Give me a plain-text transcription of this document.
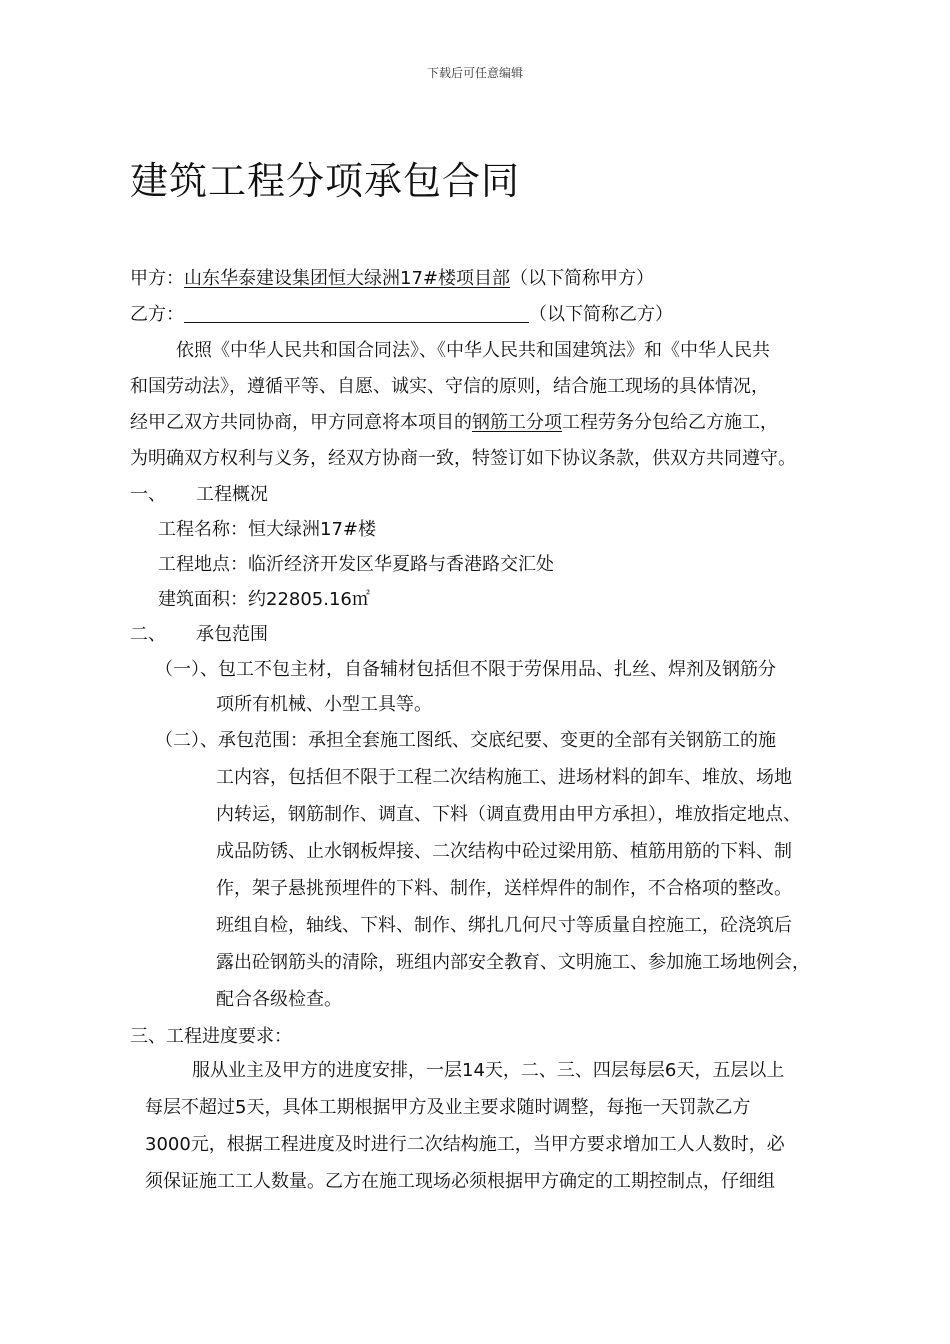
下载后可任意编辑
建筑工程分项承包合同
甲方：山东华泰建设集团恒大绿洲17#楼项目部（以下简称甲方）
乙方：	（以下简称乙方）
依照《中华人民共和国合同法》、《中华人民共和国建筑法》和《中华人民共
和国劳动法》，遵循平等、自愿、诚实、守信的原则，结合施工现场的具体情况，
经甲乙双方共同协商，甲方同意将本项目的钢筋工分项工程劳务分包给乙方施工，
为明确双方权利与义务，经双方协商一致，特签订如下协议条款，供双方共同遵守。
一、 工程概况
工程名称：恒大绿洲17#楼
工程地点：临沂经济开发区华夏路与香港路交汇处
建筑面积：约22805.16㎡
二、 承包范围
（一）、包工不包主材，自备辅材包括但不限于劳保用品、扎丝、焊剂及钢筋分
项所有机械、小型工具等。
（二）、承包范围：承担全套施工图纸、交底纪要、变更的全部有关钢筋工的施
工内容，包括但不限于工程二次结构施工、进场材料的卸车、堆放、场地
内转运，钢筋制作、调直、下料（调直费用由甲方承担），堆放指定地点、
成品防锈、止水钢板焊接、二次结构中砼过梁用筋、植筋用筋的下料、制
作，架子悬挑预埋件的下料、制作，送样焊件的制作，不合格项的整改。
班组自检，轴线、下料、制作、绑扎几何尺寸等质量自控施工，砼浇筑后
露出砼钢筋头的清除，班组内部安全教育、文明施工、参加施工场地例会，
配合各级检查。
三、工程进度要求：
服从业主及甲方的进度安排，一层14天，二、三、四层每层6天，五层以上
每层不超过5天，具体工期根据甲方及业主要求随时调整，每拖一天罚款乙方
3000元，根据工程进度及时进行二次结构施工，当甲方要求增加工人人数时，必
须保证施工工人数量。乙方在施工现场必须根据甲方确定的工期控制点，仔细组
